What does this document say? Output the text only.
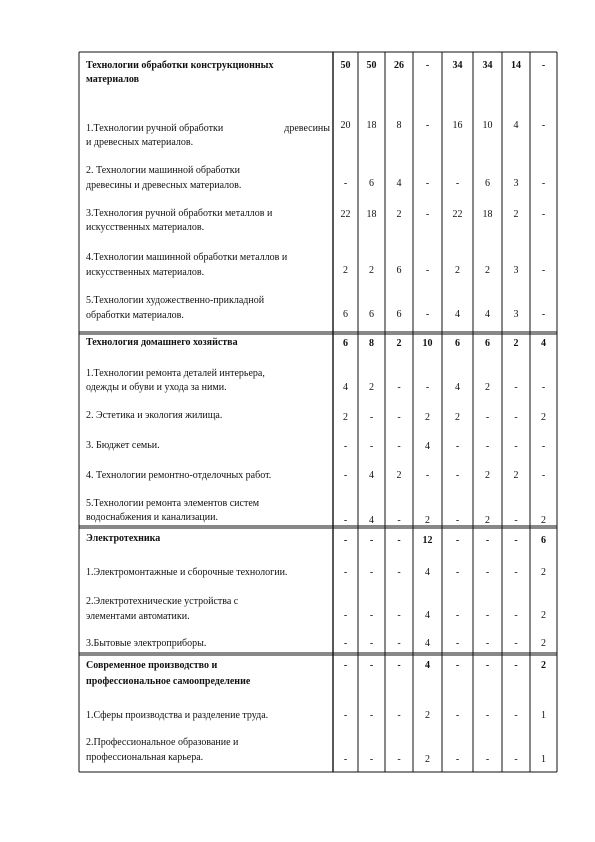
Технологии обработки конструкционных
материалов
50	50	26	-	34	34	14	-
1.Технологии ручной обработки	древесины
и древесных материалов.
20	18	8	-	16	10	4	-
2. Технологии машинной обработки
древесины и древесных материалов.	-	6	4	-	-	6	3	-
3.Технология ручной обработки металлов и
искусственных материалов.
22	18	2	-	22	18	2	-
4.Технологии машинной обработки металлов и
искусственных материалов.	2	2	6	-	2	2	3	-
5.Технологии художественно-прикладной
обработки материалов.	6	6	6	-	4	4	3	-
Технология домашнего хозяйства	6	8	2	10	6	6	2	4
1.Технологии ремонта деталей интерьера,
одежды и обуви и ухода за ними.	4	2	-	-	4	2	-	-
2. Эстетика и экология жилища.	2	-	-	2	2	-	-	2
3. Бюджет семьи.	-	-	-	4	-	-	-	-
4. Технологии ремонтно-отделочных работ.	-	4	2	-	-	2	2	-
5.Технологии ремонта элементов систем
водоснабжения и канализации.	-	4	-	2	-	2	-	2
Электротехника	-	-	-	12	-	-	-	6
1.Электромонтажные и сборочные технологии.	-	-	-	4	-	-	-	2
2.Электротехнические устройства с
элементами автоматики.	-	-	-	4	-	-	-	2
3.Бытовые электроприборы.	-	-	-	4	-	-	-	2
Современное производство и
профессиональное самоопределение
-	-	-	4	-	-	-	2
1.Сферы производства и разделение труда.	-	-	-	2	-	-	-	1
2.Профессиональное образование и
профессиональная карьера.	-	-	-	2	-	-	-	1
